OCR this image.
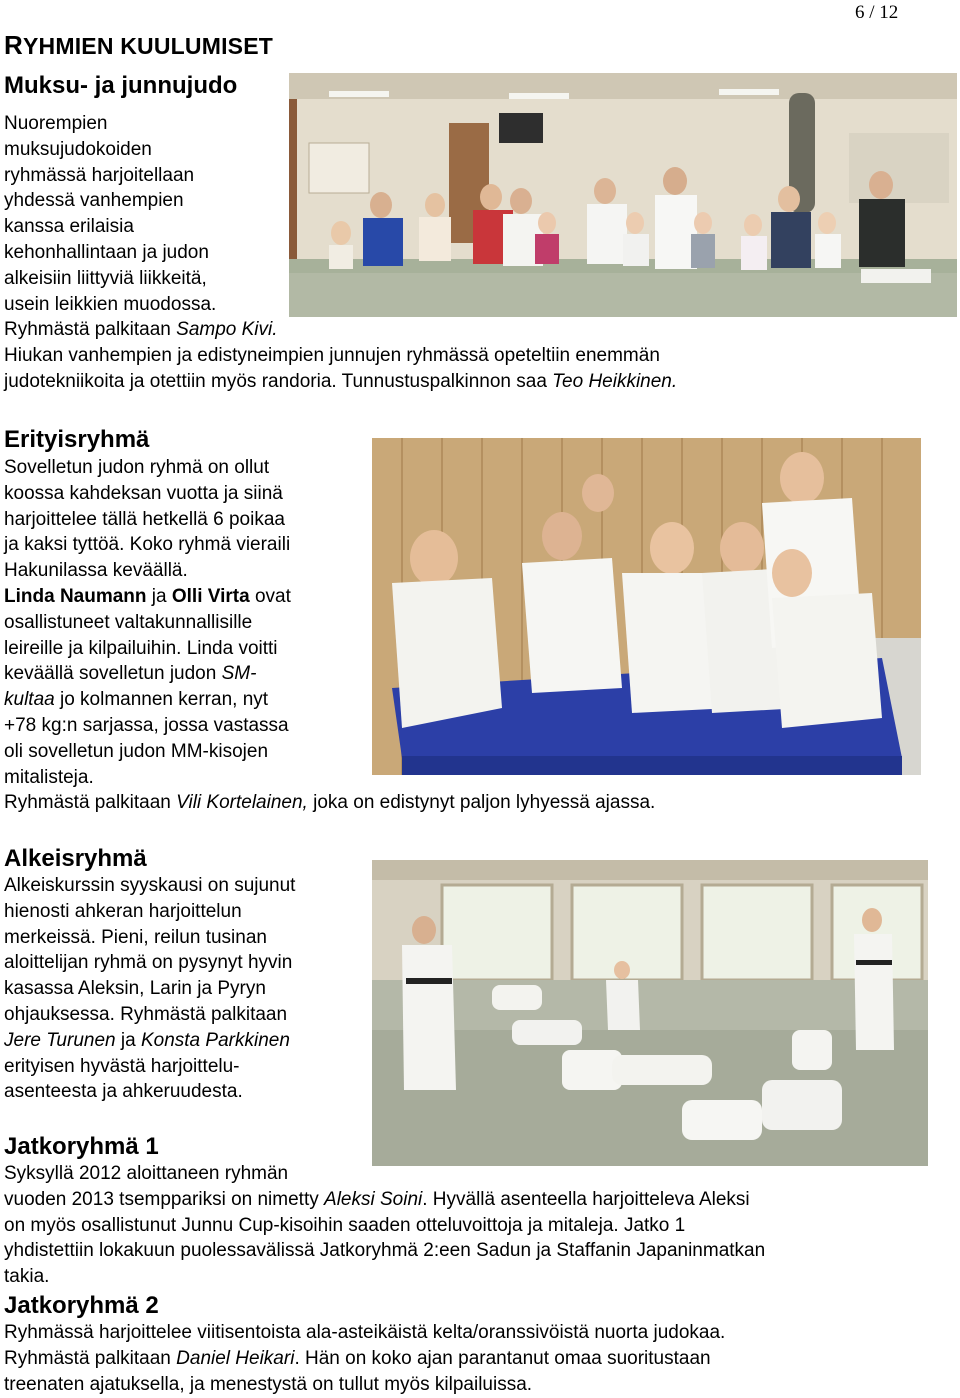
6 / 12
RYHMIEN KUULUMISET
Muksu- ja junnujudo

Nuorempien

muksujudokoiden

ryhmässä harjoitellaan

yhdessä vanhempien

kanssa erilaisia

kehonhallintaan ja judon

alkeisiin liittyviä liikkeitä,

usein leikkien muodossa.

Ryhmästä palkitaan Sampo Kivi.

Hiukan vanhempien ja edistyneimpien junnujen ryhmässä opeteltiin enemmän

judotekniikoita ja otettiin myös randoria. Tunnustuspalkinnon saa Teo Heikkinen.

Erityisryhmä

Sovelletun judon ryhmä on ollut

koossa kahdeksan vuotta ja siinä

harjoittelee tällä hetkellä 6 poikaa

ja kaksi tyttöä. Koko ryhmä vieraili

Hakunilassa keväällä.

Linda Naumann ja Olli Virta ovat

osallistuneet valtakunnallisille

leireille ja kilpailuihin. Linda voitti

keväällä sovelletun judon SM-

kultaa jo kolmannen kerran, nyt

+78 kg:n sarjassa, jossa vastassa

oli sovelletun judon MM-kisojen

mitalisteja.

Ryhmästä palkitaan Vili Kortelainen, joka on edistynyt paljon lyhyessä ajassa.
Alkeisryhmä

Alkeiskurssin syyskausi on sujunut

hienosti ahkeran harjoittelun

merkeissä. Pieni, reilun tusinan

aloittelijan ryhmä on pysynyt hyvin

kasassa Aleksin, Larin ja Pyryn

ohjauksessa. Ryhmästä palkitaan

Jere Turunen ja Konsta Parkkinen

erityisen hyvästä harjoittelu-

asenteesta ja ahkeruudesta.

Jatkoryhmä 1

Syksyllä 2012 aloittaneen ryhmän

vuoden 2013 tsemppariksi on nimetty Aleksi Soini. Hyvällä asenteella harjoitteleva Aleksi

on myös osallistunut Junnu Cup-kisoihin saaden otteluvoittoja ja mitaleja. Jatko 1

yhdistettiin lokakuun puolessavälissä Jatkoryhmä 2:een Sadun ja Staffanin Japaninmatkan

takia.

Jatkoryhmä 2

Ryhmässä harjoittelee viitisentoista ala-asteikäistä kelta/oranssivöistä nuorta judokaa.

Ryhmästä palkitaan Daniel Heikari. Hän on koko ajan parantanut omaa suoritustaan

treenaten ajatuksella, ja menestystä on tullut myös kilpailuissa.
